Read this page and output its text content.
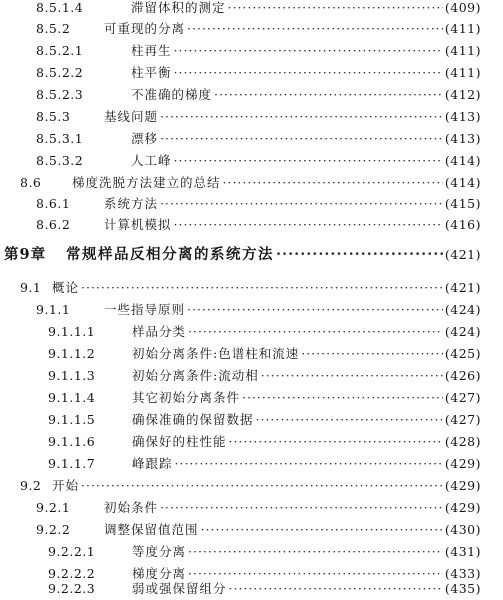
8.5.1.4	滞留体积的测定 ·····	(409)
8.5.2	可重现的分离 ·····	(411)
8.5.2.1	柱再生 ·····	(411)
8.5.2.2	柱平衡 ·····	(411)
8.5.2.3	不准确的梯度 ·····	(412)
8.5.3	基线问题 ·····	(413)
8.5.3.1	漂移 ·····	(413)
8.5.3.2	人工峰 ·····	(414)
8.6	梯度洗脱方法建立的总结 ·····	(414)
8.6.1	系统方法 ·····	(415)
8.6.2	计算机模拟 ·····	(416)
第9章	常规样品反相分离的系统方法 ·····	(421)
9.1 概论 ·····	(421)
9.1.1	一些指导原则 ·····	(424)
9.1.1.1	样品分类 ·····	(424)
9.1.1.2	初始分离条件:色谱柱和流速 ·····	(425)
9.1.1.3	初始分离条件:流动相 ·····	(426)
9.1.1.4	其它初始分离条件 ·····	(427)
9.1.1.5	确保准确的保留数据 ·····	(427)
9.1.1.6	确保好的柱性能 ·····	(428)
9.1.1.7	峰跟踪 ·····	(429)
9.2 开始 ·····	(429)
9.2.1	初始条件 ·····	(429)
9.2.2	调整保留值范围 ·····	(430)
9.2.2.1	等度分离 ·····	(431)
9.2.2.2	梯度分离 ·····	(433)
9.2.2.3	弱或强保留组分 ·····	(435)
